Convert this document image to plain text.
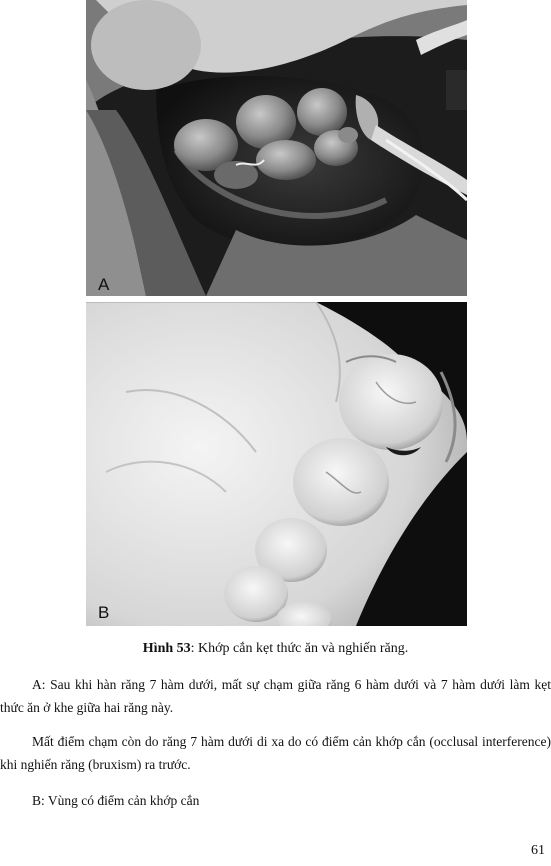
A
B
Hình 53: Khớp cắn kẹt thức ăn và nghiến răng.

A: Sau khi hàn răng 7 hàm dưới, mất sự chạm giữa răng 6 hàm dưới và 7 hàm dưới làm kẹt thức ăn ở khe giữa hai răng này.

Mất điểm chạm còn do răng 7 hàm dưới di xa do có điểm cản khớp cắn (occlusal interference) khi nghiến răng (bruxism) ra trước.

B: Vùng có điểm cản khớp cắn

61
